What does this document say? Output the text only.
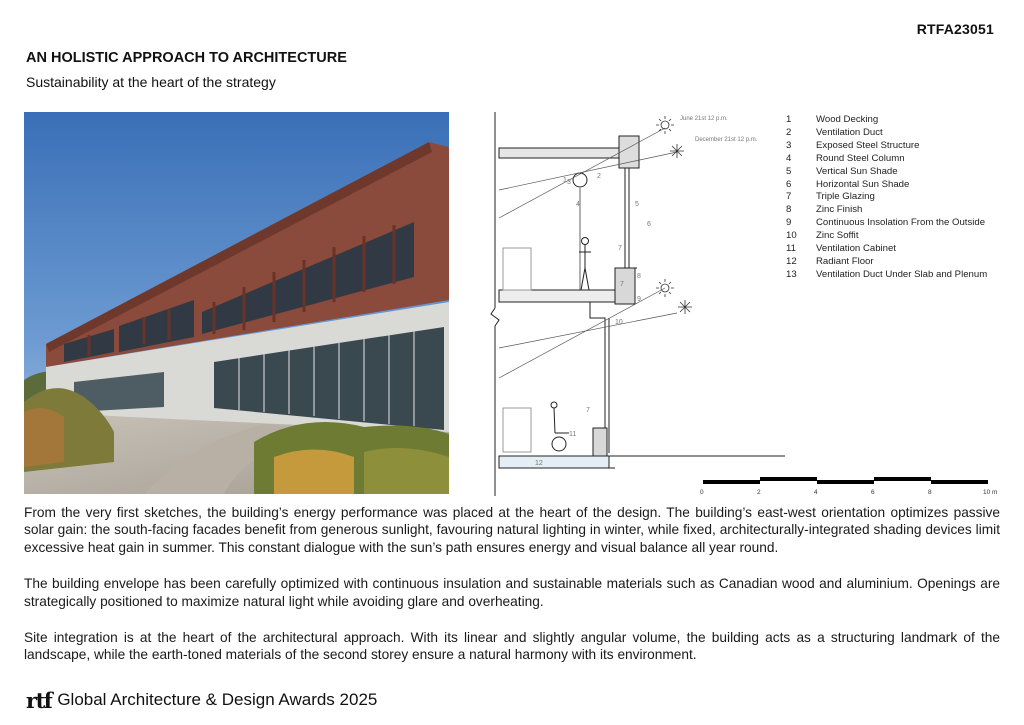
RTFA23051
AN HOLISTIC APPROACH TO ARCHITECTURE
Sustainability at the heart of the strategy
June 21st 12 p.m.
December 21st 12 p.m.
1
2
3
4	5
6
7
7
8
9
10
11
7
12
1	Wood Decking
2	Ventilation Duct
3	Exposed Steel Structure
4	Round Steel Column
5	Vertical Sun Shade
6	Horizontal Sun Shade
7	Triple Glazing
8	Zinc Finish
9	Continuous Insolation From the Outside
10	Zinc Soffit
11	Ventilation Cabinet
12	Radiant Floor
13	Ventilation Duct Under Slab and Plenum
0	2	4	6	8	10 m

From the very first sketches, the building’s energy performance was placed at the heart of the design. The building’s east-west orientation optimizes passive solar gain: the south-facing facades benefit from generous sunlight, favouring natural lighting in winter, while fixed, architecturally-integrated shading devices limit excessive heat gain in summer. This constant dialogue with the sun’s path ensures energy and visual balance all year round.

The building envelope has been carefully optimized with continuous insulation and sustainable materials such as Canadian wood and aluminium. Openings are strategically positioned to maximize natural light while avoiding glare and overheating.

Site integration is at the heart of the architectural approach. With its linear and slightly angular volume, the building acts as a structuring landmark of the landscape, while the earth-toned materials of the second storey ensure a natural harmony with its environment.

rtf Global Architecture & Design Awards 2025
